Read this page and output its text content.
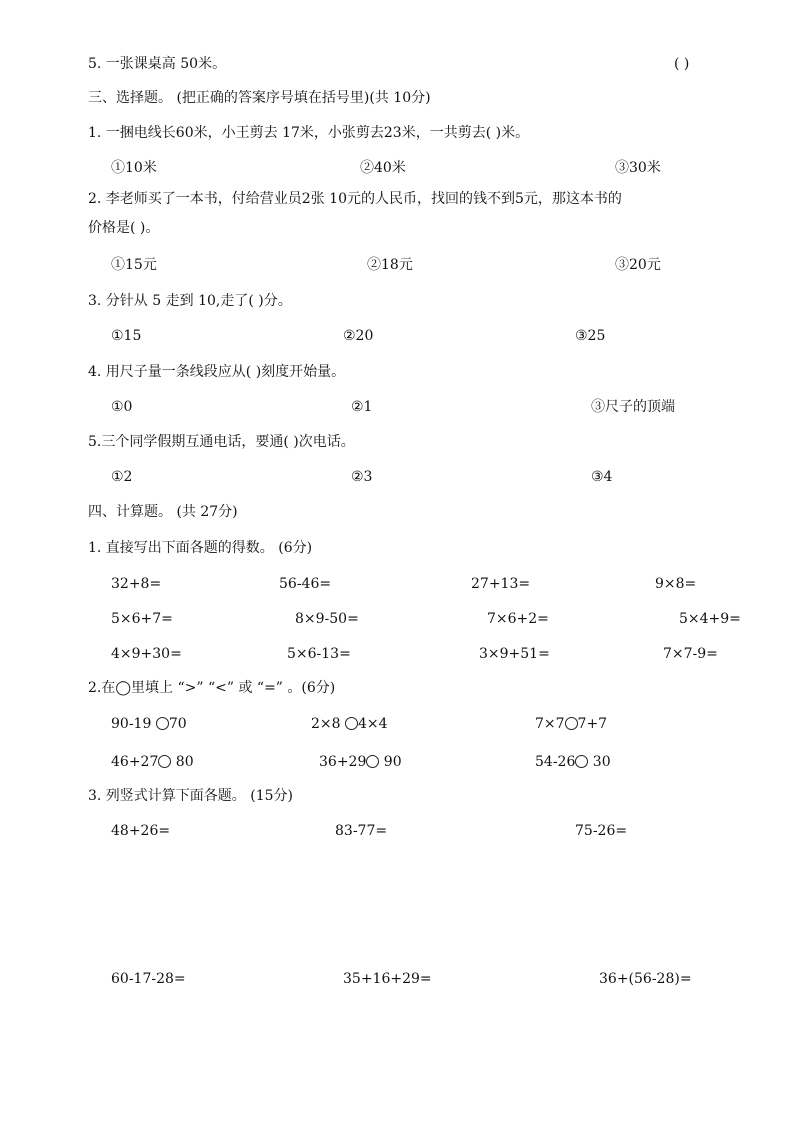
5. 一张课桌高 50米。	( )
三、选择题。 (把正确的答案序号填在括号里)(共 10分)
1. 一捆电线长60米，小王剪去 17米，小张剪去23米，一共剪去( )米。
①10米	②40米	③30米
2. 李老师买了一本书，付给营业员2张 10元的人民币，找回的钱不到5元，那这本书的
价格是( )。
①15元	②18元	③20元
3. 分针从 5 走到 10,走了( )分。
①15	②20	③25
4. 用尺子量一条线段应从( )刻度开始量。
①0	②1	③尺子的顶端
5.三个同学假期互通电话，要通( )次电话。
①2	②3	③4
四、计算题。 (共 27分)
1. 直接写出下面各题的得数。 (6分)
32+8=	56-46=	27+13=	9×8=
5×6+7=	8×9-50=	7×6+2=	5×4+9=
4×9+30=	5×6-13=	3×9+51=	7×7-9=
2.在◯里填上 “>” “<” 或 “=” 。(6分)
90-19 70	2×8 4×4	7×7 7+7
46+27 80	36+29 90	54-26 30
3. 列竖式计算下面各题。 (15分)
48+26=	83-77=	75-26=
60-17-28=	35+16+29=	36+(56-28)=
